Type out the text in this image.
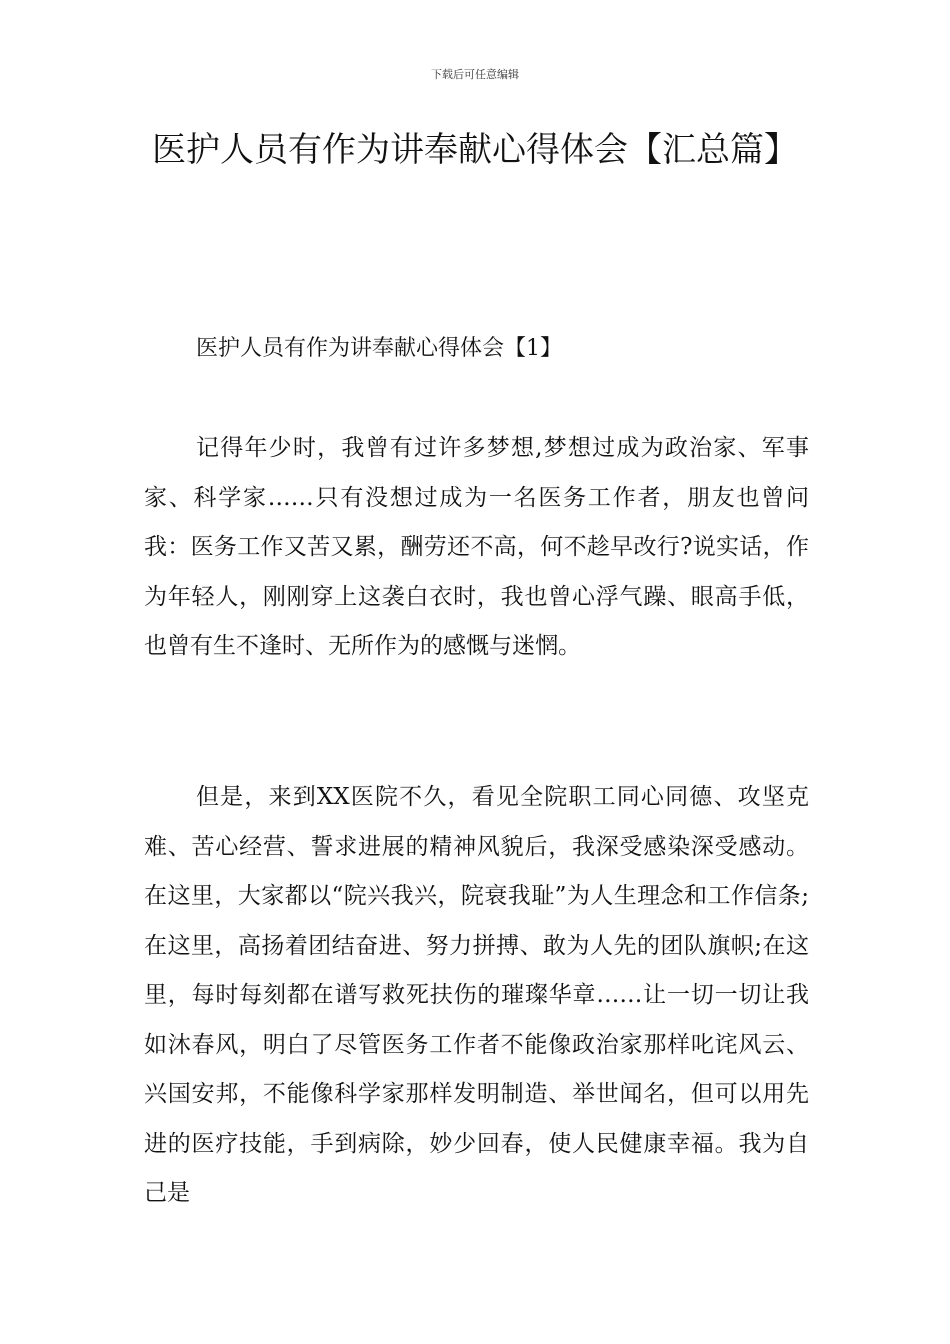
下载后可任意编辑
医护人员有作为讲奉献心得体会【汇总篇】
医护人员有作为讲奉献心得体会【1】

记得年少时，我曾有过许多梦想,梦想过成为政治家、军事家、科学家……只有没想过成为一名医务工作者，朋友也曾问我：医务工作又苦又累，酬劳还不高，何不趁早改行?说实话，作为年轻人，刚刚穿上这袭白衣时，我也曾心浮气躁、眼高手低，也曾有生不逢时、无所作为的感慨与迷惘。

但是，来到XX医院不久，看见全院职工同心同德、攻坚克难、苦心经营、誓求进展的精神风貌后，我深受感染深受感动。在这里，大家都以“院兴我兴，院衰我耻”为人生理念和工作信条;在这里，高扬着团结奋进、努力拼搏、敢为人先的团队旗帜;在这里，每时每刻都在谱写救死扶伤的璀璨华章……让一切一切让我如沐春风，明白了尽管医务工作者不能像政治家那样叱诧风云、兴国安邦，不能像科学家那样发明制造、举世闻名，但可以用先进的医疗技能，手到病除，妙少回春，使人民健康幸福。我为自己是
